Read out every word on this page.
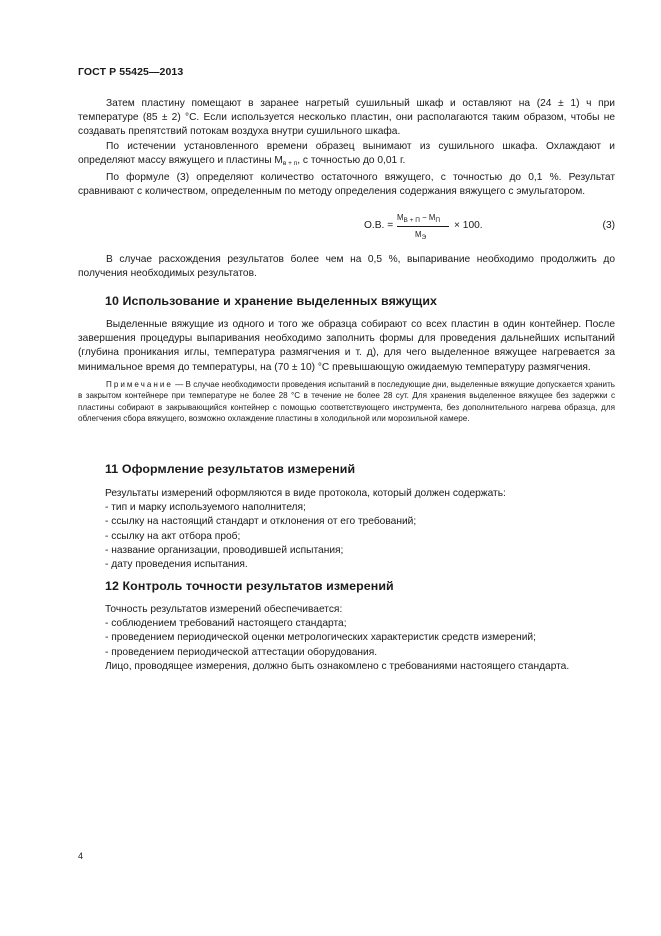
ГОСТ Р 55425—2013

Затем пластину помещают в заранее нагретый сушильный шкаф и оставляют на (24 ± 1) ч при температуре (85 ± 2) °С. Если используется несколько пластин, они располагаются таким образом, чтобы не создавать препятствий потокам воздуха внутри сушильного шкафа.

По истечении установленного времени образец вынимают из сушильного шкафа. Охлаждают и определяют массу вяжущего и пластины $М_{в + п}$, с точностью до 0,01 г.

По формуле (3) определяют количество остаточного вяжущего, с точностью до 0,1 %. Результат сравнивают с количеством, определенным по методу определения содержания вяжущего с эмульгатором.

О.В. =
$М_{В + П} - М_П$
$М_Э$
× 100.	(3)

В случае расхождения результатов более чем на 0,5 %, выпаривание необходимо продолжить до получения необходимых результатов.

10 Использование и хранение выделенных вяжущих

Выделенные вяжущие из одного и того же образца собирают со всех пластин в один контейнер. После завершения процедуры выпаривания необходимо заполнить формы для проведения дальнейших испытаний (глубина проникания иглы, температура размягчения и т. д), для чего выделенное вяжущее нагревается за минимальное время до температуры, на (70 ± 10) °С превышающую ожидаемую температуру размягчения.

Примечание — В случае необходимости проведения испытаний в последующие дни, выделенные вяжущие допускается хранить в закрытом контейнере при температуре не более 28 °С в течение не более 28 сут. Для хранения выделенное вяжущее без задержки с пластины собирают в закрывающийся контейнер с помощью соответствующего инструмента, без дополнительного нагрева образца, для облегчения сбора вяжущего, возможно охлаждение пластины в холодильной или морозильной камере.

11 Оформление результатов измерений

Результаты измерений оформляются в виде протокола, который должен содержать:

- тип и марку используемого наполнителя;

- ссылку на настоящий стандарт и отклонения от его требований;

- ссылку на акт отбора проб;

- название организации, проводившей испытания;

- дату проведения испытания.

12 Контроль точности результатов измерений

Точность результатов измерений обеспечивается:

- соблюдением требований настоящего стандарта;

- проведением периодической оценки метрологических характеристик средств измерений;

- проведением периодической аттестации оборудования.

Лицо, проводящее измерения, должно быть ознакомлено с требованиями настоящего стандарта.

4
